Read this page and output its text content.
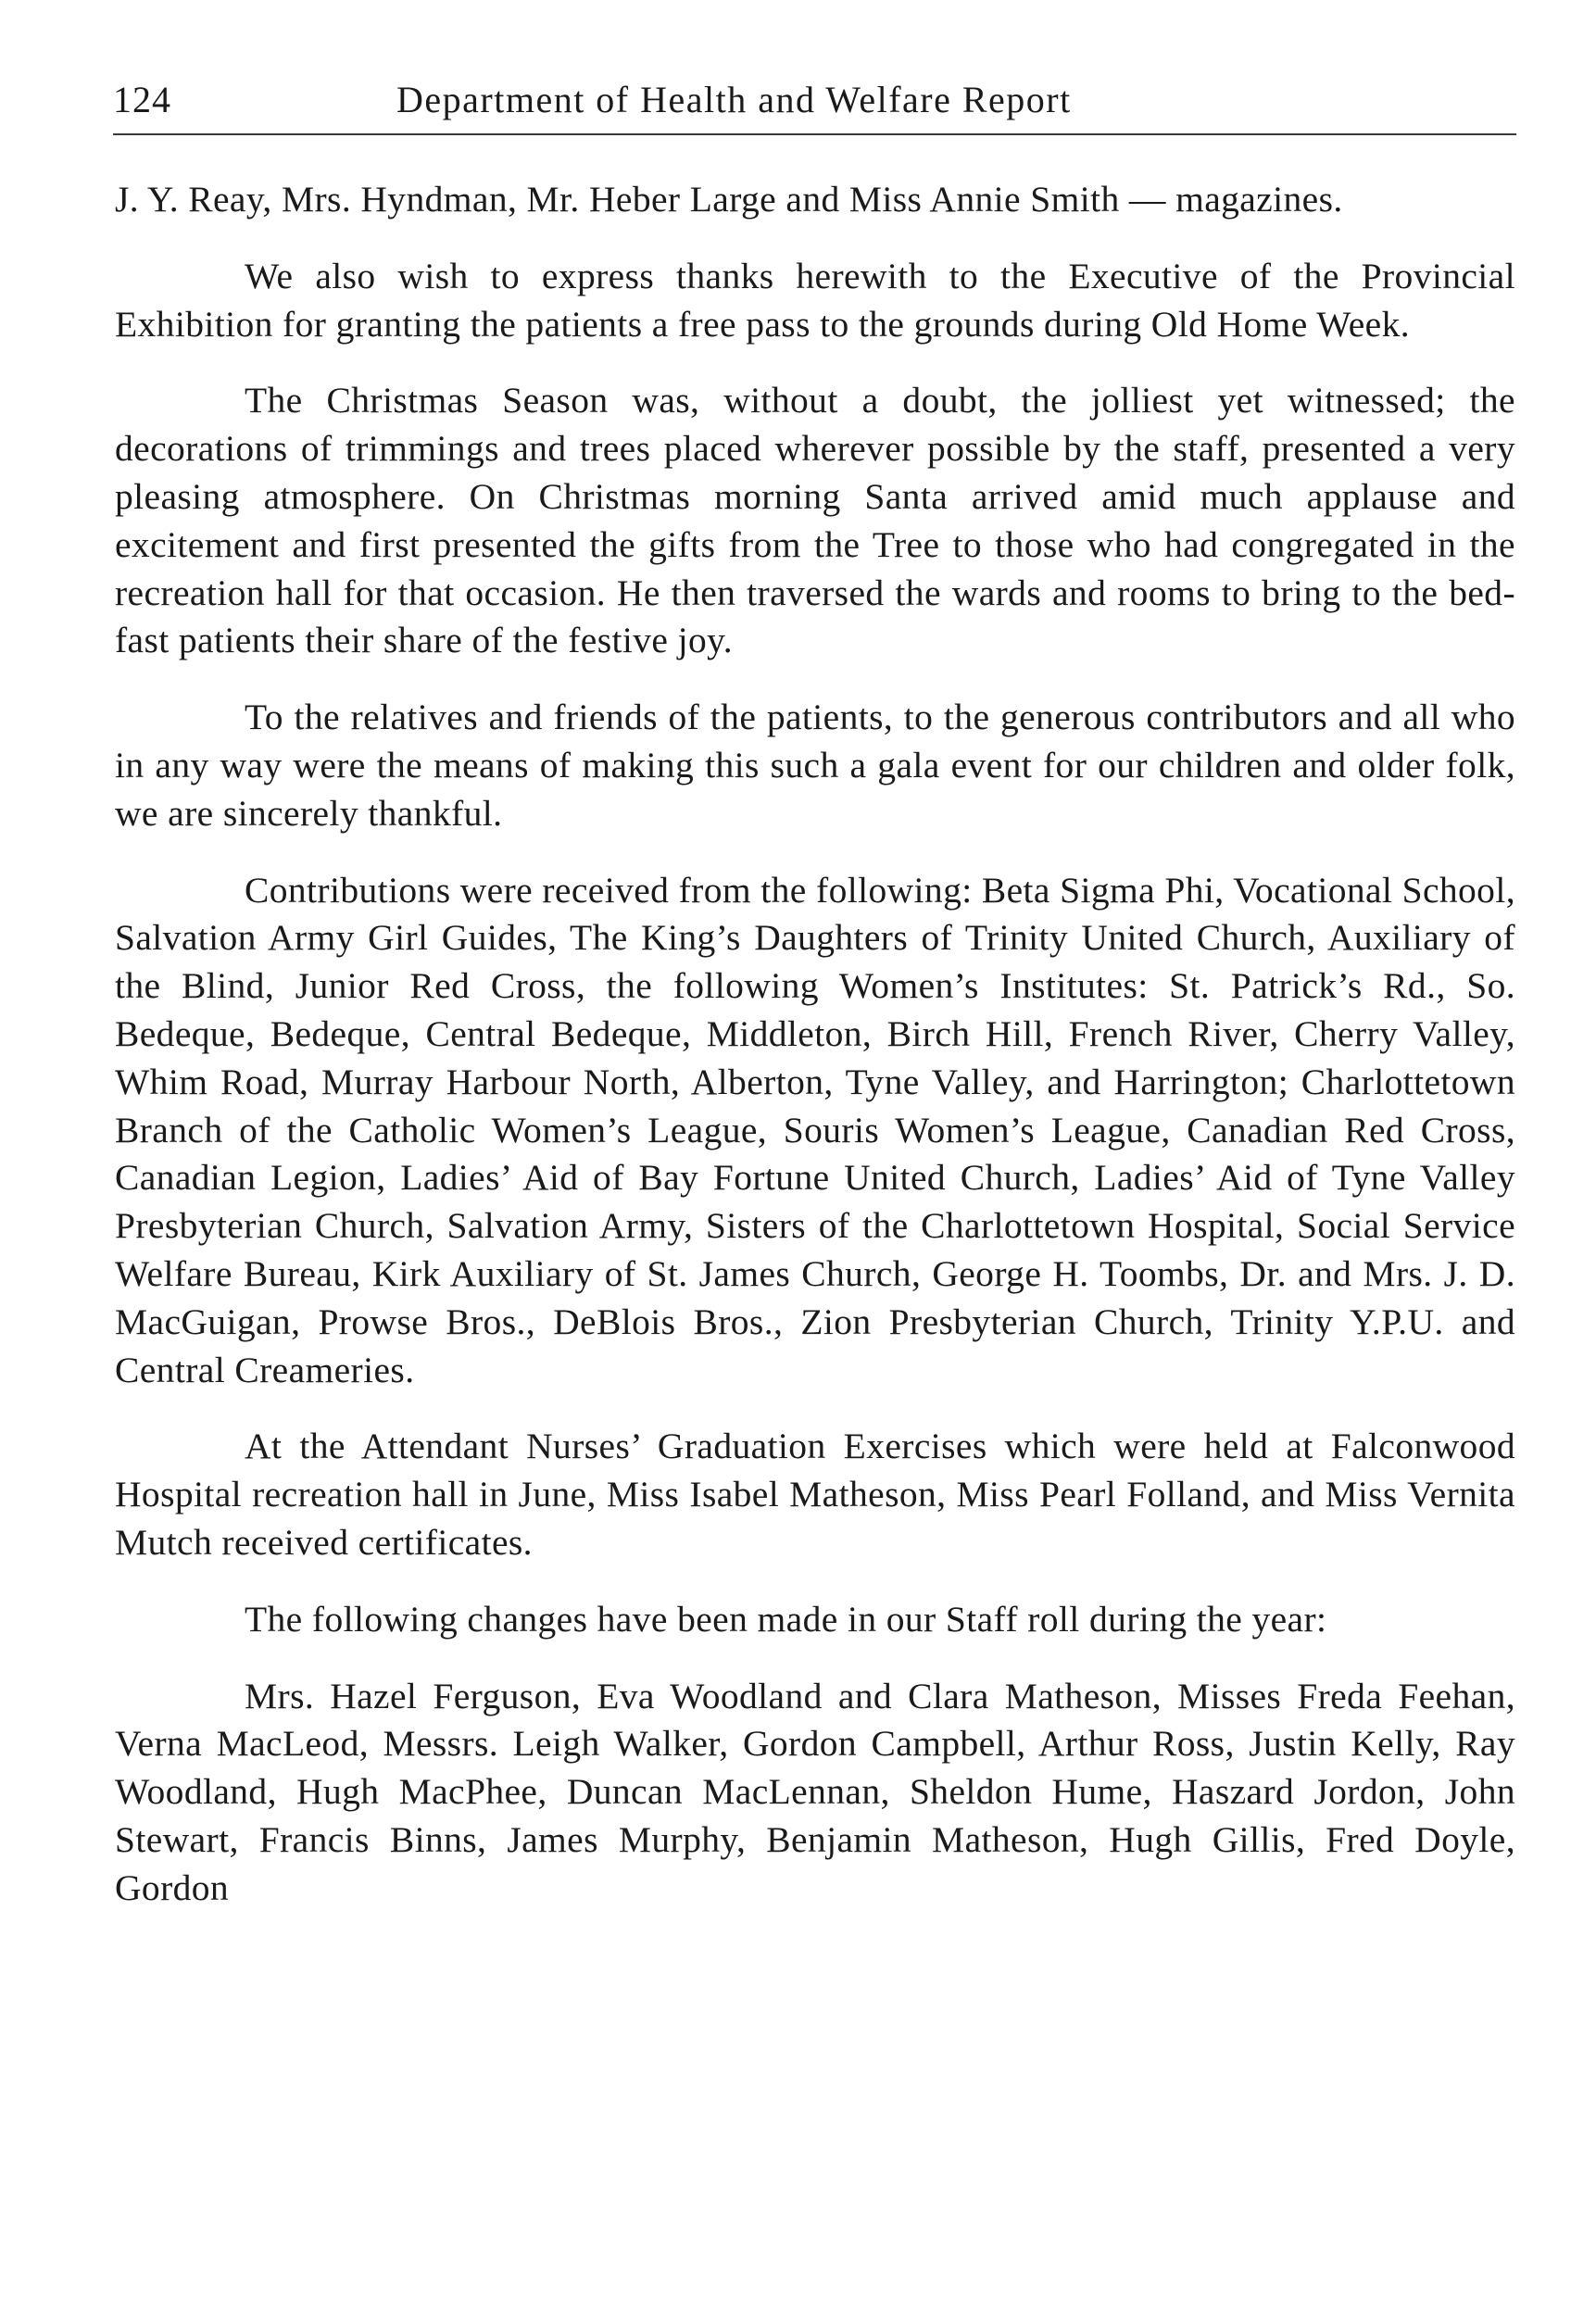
124	Department of Health and Welfare Report

J. Y. Reay, Mrs. Hyndman, Mr. Heber Large and Miss Annie Smith — magazines.

We also wish to express thanks herewith to the Executive of the Provincial Exhibition for granting the patients a free pass to the grounds during Old Home Week.

The Christmas Season was, without a doubt, the jolliest yet witnessed; the decorations of trimmings and trees placed wherever possible by the staff, presented a very pleasing atmosphere. On Christmas morning Santa arrived amid much applause and excitement and first presented the gifts from the Tree to those who had congregated in the recreation hall for that occasion. He then traversed the wards and rooms to bring to the bed-fast patients their share of the festive joy.

To the relatives and friends of the patients, to the generous contributors and all who in any way were the means of making this such a gala event for our children and older folk, we are sincerely thankful.

Contributions were received from the following: Beta Sigma Phi, Vocational School, Salvation Army Girl Guides, The King’s Daughters of Trinity United Church, Auxiliary of the Blind, Junior Red Cross, the following Women’s Institutes: St. Patrick’s Rd., So. Bedeque, Bedeque, Central Bedeque, Middleton, Birch Hill, French River, Cherry Valley, Whim Road, Murray Harbour North, Alberton, Tyne Valley, and Harrington; Charlottetown Branch of the Catholic Women’s League, Souris Women’s League, Canadian Red Cross, Canadian Legion, Ladies’ Aid of Bay Fortune United Church, Ladies’ Aid of Tyne Valley Presbyterian Church, Salvation Army, Sisters of the Charlottetown Hospital, Social Service Welfare Bureau, Kirk Auxiliary of St. James Church, George H. Toombs, Dr. and Mrs. J. D. MacGuigan, Prowse Bros., DeBlois Bros., Zion Presbyterian Church, Trinity Y.P.U. and Central Creameries.

At the Attendant Nurses’ Graduation Exercises which were held at Falconwood Hospital recreation hall in June, Miss Isabel Matheson, Miss Pearl Folland, and Miss Vernita Mutch received certificates.

The following changes have been made in our Staff roll during the year:

Mrs. Hazel Ferguson, Eva Woodland and Clara Matheson, Misses Freda Feehan, Verna MacLeod, Messrs. Leigh Walker, Gordon Campbell, Arthur Ross, Justin Kelly, Ray Woodland, Hugh MacPhee, Duncan MacLennan, Sheldon Hume, Haszard Jordon, John Stewart, Francis Binns, James Murphy, Benjamin Matheson, Hugh Gillis, Fred Doyle, Gordon
